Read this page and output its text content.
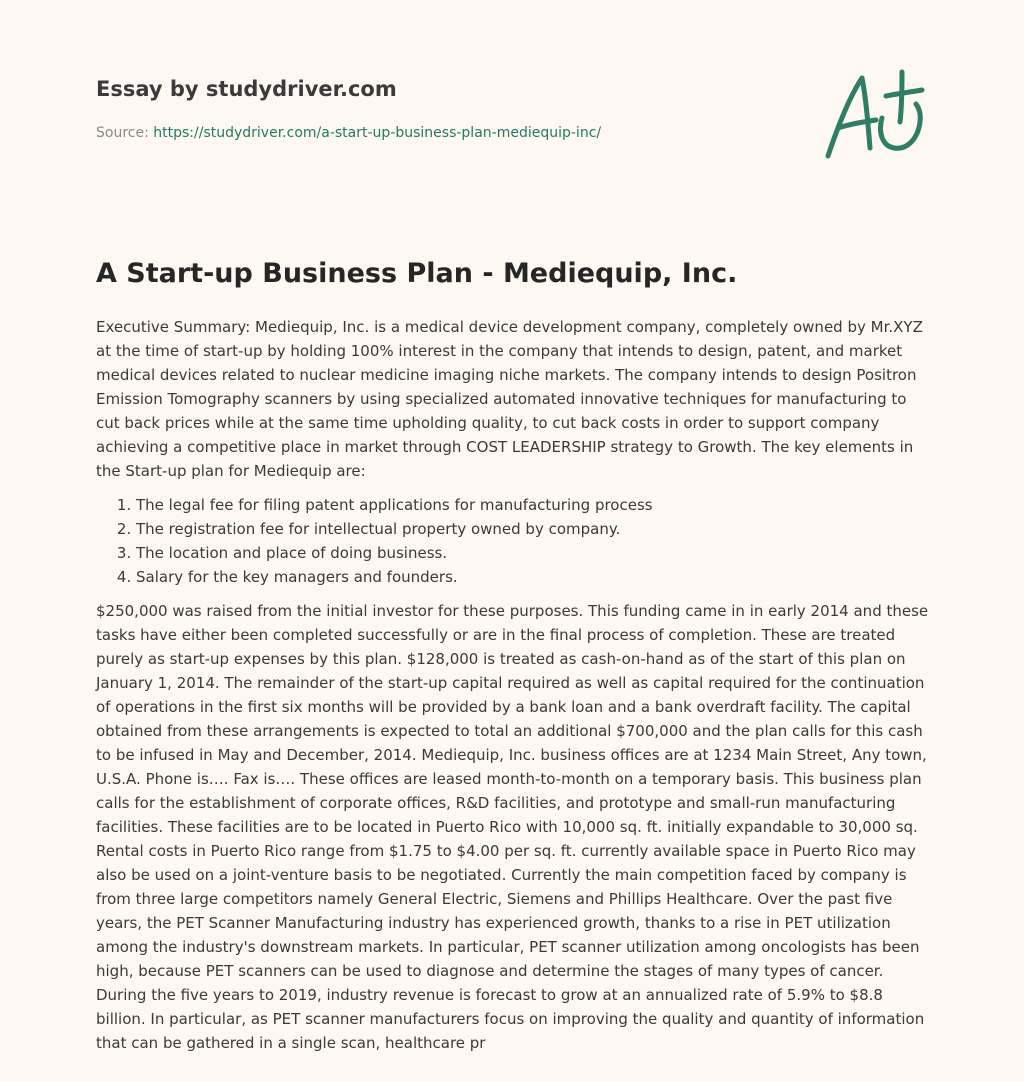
Essay by studydriver.com
Source: https://studydriver.com/a-start-up-business-plan-mediequip-inc/
A Start-up Business Plan - Mediequip, Inc.

Executive Summary: Mediequip, Inc. is a medical device development company, completely owned by Mr.XYZ at the time of start-up by holding 100% interest in the company that intends to design, patent, and market medical devices related to nuclear medicine imaging niche markets. The company intends to design Positron Emission Tomography scanners by using specialized automated innovative techniques for manufacturing to cut back prices while at the same time upholding quality, to cut back costs in order to support company achieving a competitive place in market through COST LEADERSHIP strategy to Growth. The key elements in the Start-up plan for Mediequip are:

1. The legal fee for filing patent applications for manufacturing process
2. The registration fee for intellectual property owned by company.
3. The location and place of doing business.
4. Salary for the key managers and founders.

$250,000 was raised from the initial investor for these purposes. This funding came in in early 2014 and these tasks have either been completed successfully or are in the final process of completion. These are treated purely as start-up expenses by this plan. $128,000 is treated as cash-on-hand as of the start of this plan on January 1, 2014. The remainder of the start-up capital required as well as capital required for the continuation of operations in the first six months will be provided by a bank loan and a bank overdraft facility. The capital obtained from these arrangements is expected to total an additional $700,000 and the plan calls for this cash to be infused in May and December, 2014. Mediequip, Inc. business offices are at 1234 Main Street, Any town, U.S.A. Phone is…. Fax is…. These offices are leased month-to-month on a temporary basis. This business plan calls for the establishment of corporate offices, R&D facilities, and prototype and small-run manufacturing facilities. These facilities are to be located in Puerto Rico with 10,000 sq. ft. initially expandable to 30,000 sq. Rental costs in Puerto Rico range from $1.75 to $4.00 per sq. ft. currently available space in Puerto Rico may also be used on a joint-venture basis to be negotiated. Currently the main competition faced by company is from three large competitors namely General Electric, Siemens and Phillips Healthcare. Over the past five years, the PET Scanner Manufacturing industry has experienced growth, thanks to a rise in PET utilization among the industry's downstream markets. In particular, PET scanner utilization among oncologists has been high, because PET scanners can be used to diagnose and determine the stages of many types of cancer. During the five years to 2019, industry revenue is forecast to grow at an annualized rate of 5.9% to $8.8 billion. In particular, as PET scanner manufacturers focus on improving the quality and quantity of information that can be gathered in a single scan, healthcare pr
